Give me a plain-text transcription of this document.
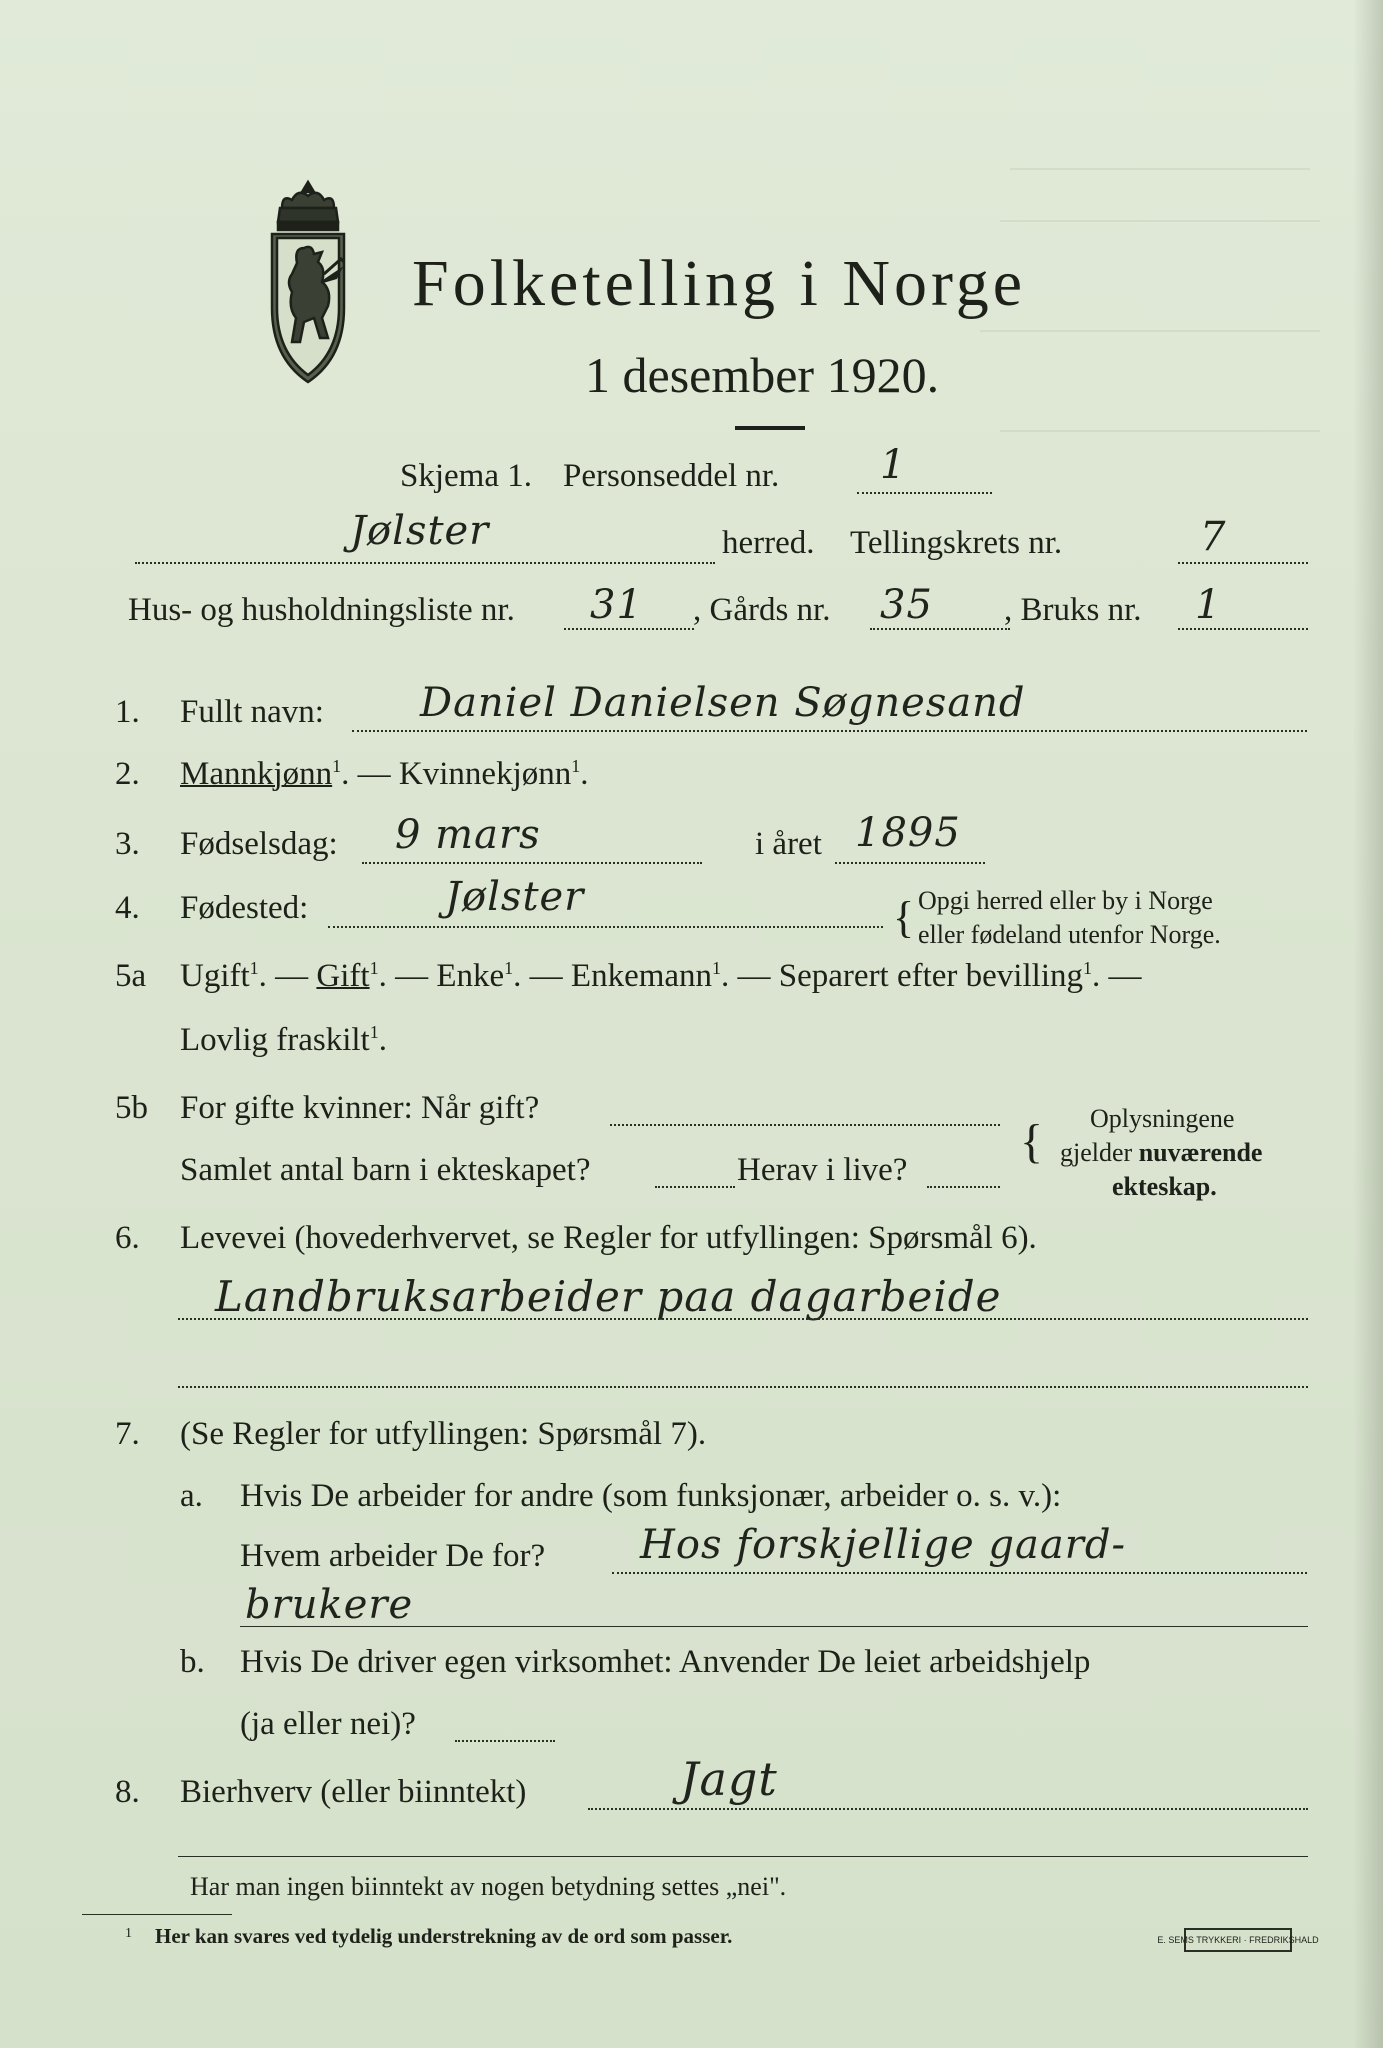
Folketelling i Norge
1 desember 1920.
Skjema 1. Personseddel nr.	1
Jølster	herred. Tellingskrets nr.	7
Hus- og husholdningsliste nr. 31 , Gårds nr. 35 , Bruks nr. 1
1. Fullt navn: Daniel Danielsen Søgnesand
2. Mannkjønn$^1$. — Kvinnekjønn$^1$.
3. Fødselsdag: 9 mars	i året 1895
4. Fødested:	Jølster	{ Opgi herred eller by i Norge
eller fødeland utenfor Norge.
5a Ugift$^1$. — Gift$^1$. — Enke$^1$. — Enkemann$^1$. — Separert efter bevilling$^1$. —
Lovlig fraskilt$^1$.
5b For gifte kvinner: Når gift?
Samlet antal barn i ekteskapet?	Herav i live?
{ Oplysningene
gjelder nuværende
ekteskap.
6. Levevei (hovederhvervet, se Regler for utfyllingen: Spørsmål 6).
Landbruksarbeider paa dagarbeide
7. (Se Regler for utfyllingen: Spørsmål 7).
a. Hvis De arbeider for andre (som funksjonær, arbeider o. s. v.):
Hvem arbeider De for? Hos forskjellige gaard-
brukere
b. Hvis De driver egen virksomhet: Anvender De leiet arbeidshjelp
(ja eller nei)?
8. Bierhverv (eller biinntekt)	Jagt
Har man ingen biinntekt av nogen betydning settes „nei".
1 Her kan svares ved tydelig understrekning av de ord som passer.	E. SEMS TRYKKERI · FREDRIKSHALD
